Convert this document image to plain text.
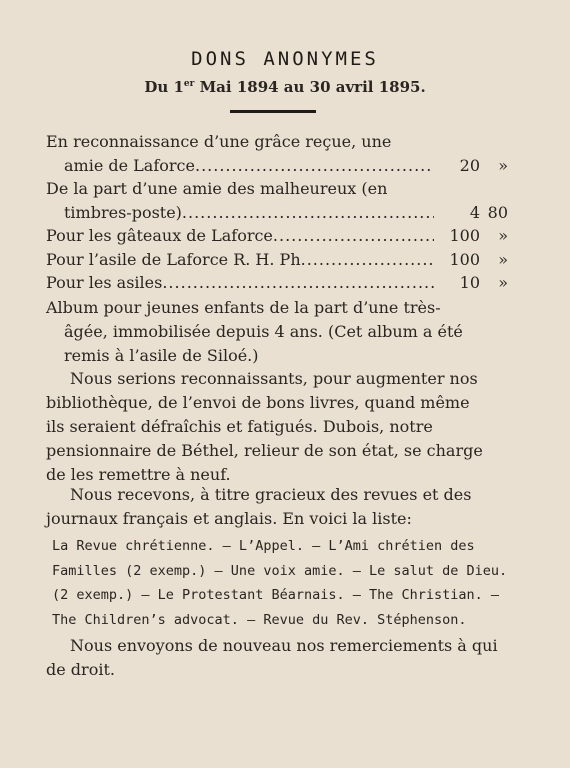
DONS ANONYMES
Du 1er Mai 1894 au 30 avril 1895.
En reconnaissance d’une grâce reçue, une
amie de Laforce .....	20	»
De la part d’une amie des malheureux (en
timbres-poste) .....	4 80
Pour les gâteaux de Laforce .....	100	»
Pour l’asile de Laforce R. H. Ph .....	100	»
Pour les asiles .....	10	»
Album pour jeunes enfants de la part d’une très-
âgée, immobilisée depuis 4 ans. (Cet album a été
remis à l’asile de Siloé.)
Nous serions reconnaissants, pour augmenter nos
bibliothèque, de l’envoi de bons livres, quand même
ils seraient défraîchis et fatigués. Dubois, notre
pensionnaire de Béthel, relieur de son état, se charge
de les remettre à neuf.
Nous recevons, à titre gracieux des revues et des
journaux français et anglais. En voici la liste:
La Revue chrétienne. — L’Appel. — L’Ami chrétien des
Familles (2 exemp.) — Une voix amie. — Le salut de Dieu.
(2 exemp.) — Le Protestant Béarnais. — The Christian. —
The Children’s advocat. — Revue du Rev. Stéphenson.
Nous envoyons de nouveau nos remerciements à qui
de droit.
